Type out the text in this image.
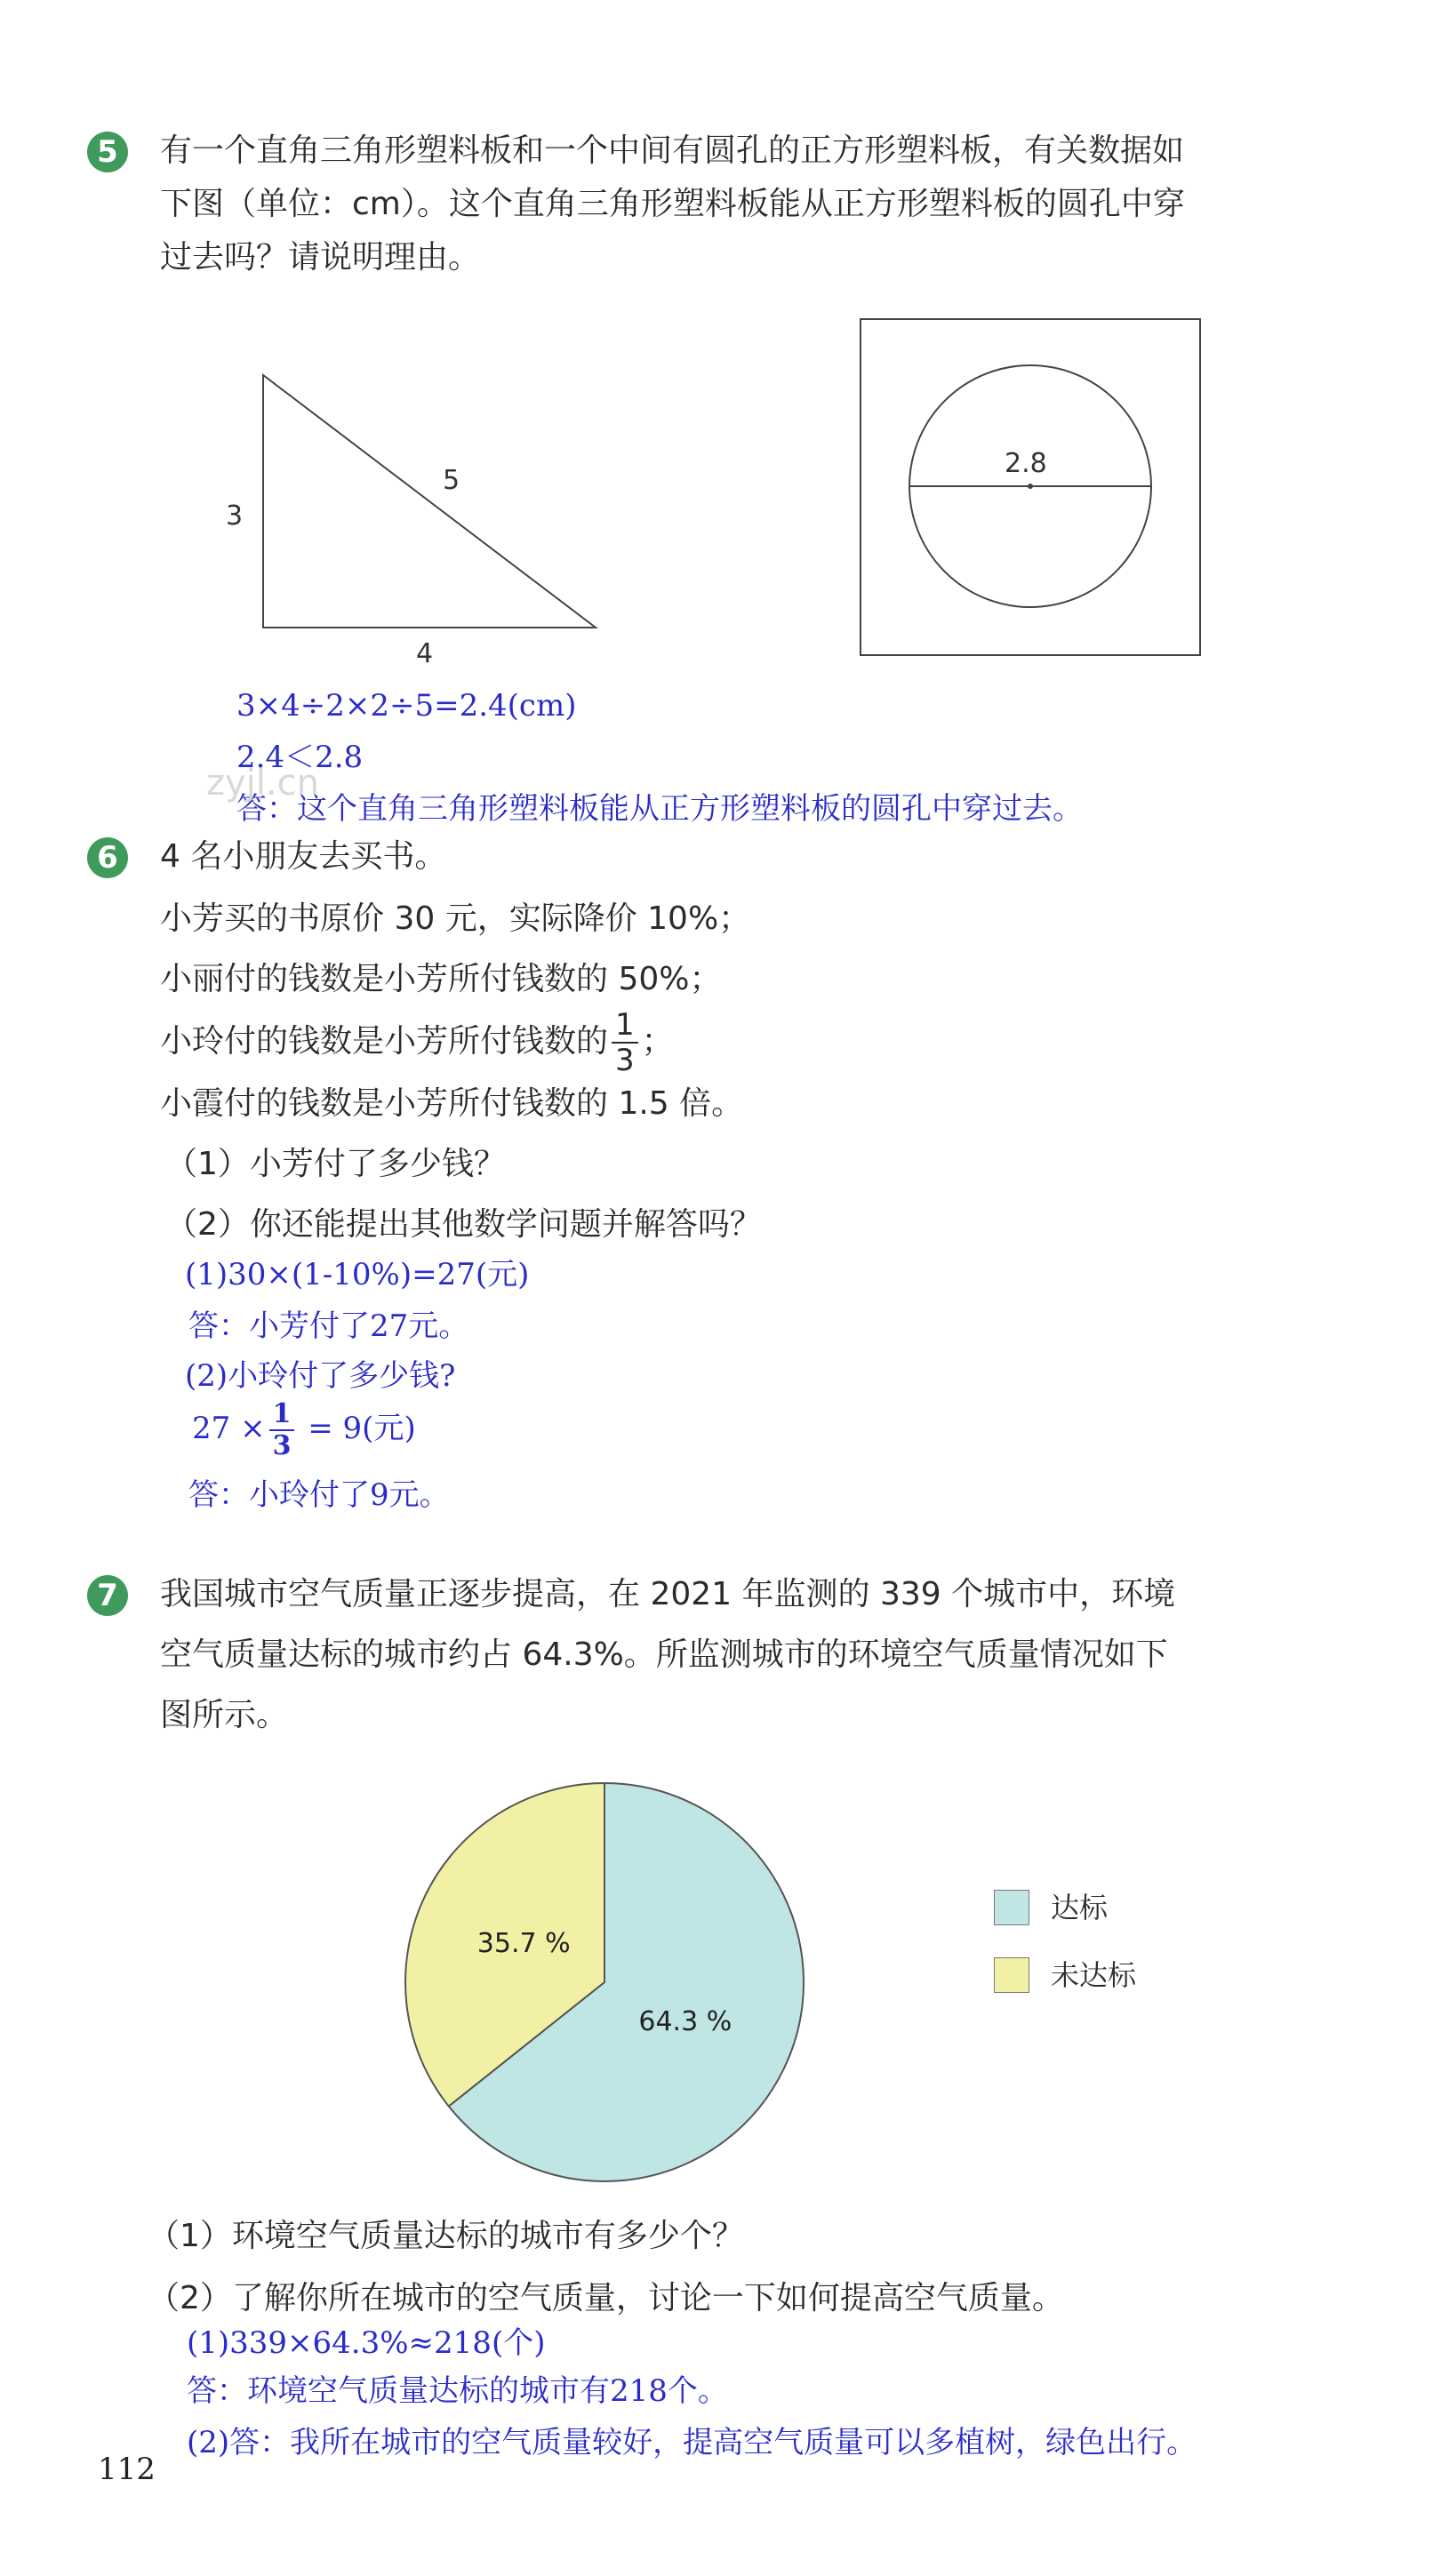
5	有一个直角三角形塑料板和一个中间有圆孔的正方形塑料板，有关数据如
下图（单位：cm）。这个直角三角形塑料板能从正方形塑料板的圆孔中穿
过去吗？请说明理由。
3
5
4
2.8
3×4÷2×2÷5=2.4(cm)
2.4＜2.8
答：这个直角三角形塑料板能从正方形塑料板的圆孔中穿过去。
zyjl.cn
6	4 名小朋友去买书。
小芳买的书原价 30 元，实际降价 10%；
小丽付的钱数是小芳所付钱数的 50%；
小玲付的钱数是小芳所付钱数的 $\frac{1}{3}$ ；
小霞付的钱数是小芳所付钱数的 1.5 倍。
（1）小芳付了多少钱？
（2）你还能提出其他数学问题并解答吗？
(1)30×(1-10%)=27(元)
答：小芳付了27元。
(2)小玲付了多少钱?
$27 \times \frac{1}{3} = 9$(元)
答：小玲付了9元。
7	我国城市空气质量正逐步提高，在 2021 年监测的 339 个城市中，环境
空气质量达标的城市约占 64.3%。所监测城市的环境空气质量情况如下
图所示。
64.3 %
35.7 %
达标
未达标
（1）环境空气质量达标的城市有多少个？
（2）了解你所在城市的空气质量，讨论一下如何提高空气质量。
(1)339×64.3%≈218(个)
答：环境空气质量达标的城市有218个。
(2)答：我所在城市的空气质量较好，提高空气质量可以多植树，绿色出行。
112
